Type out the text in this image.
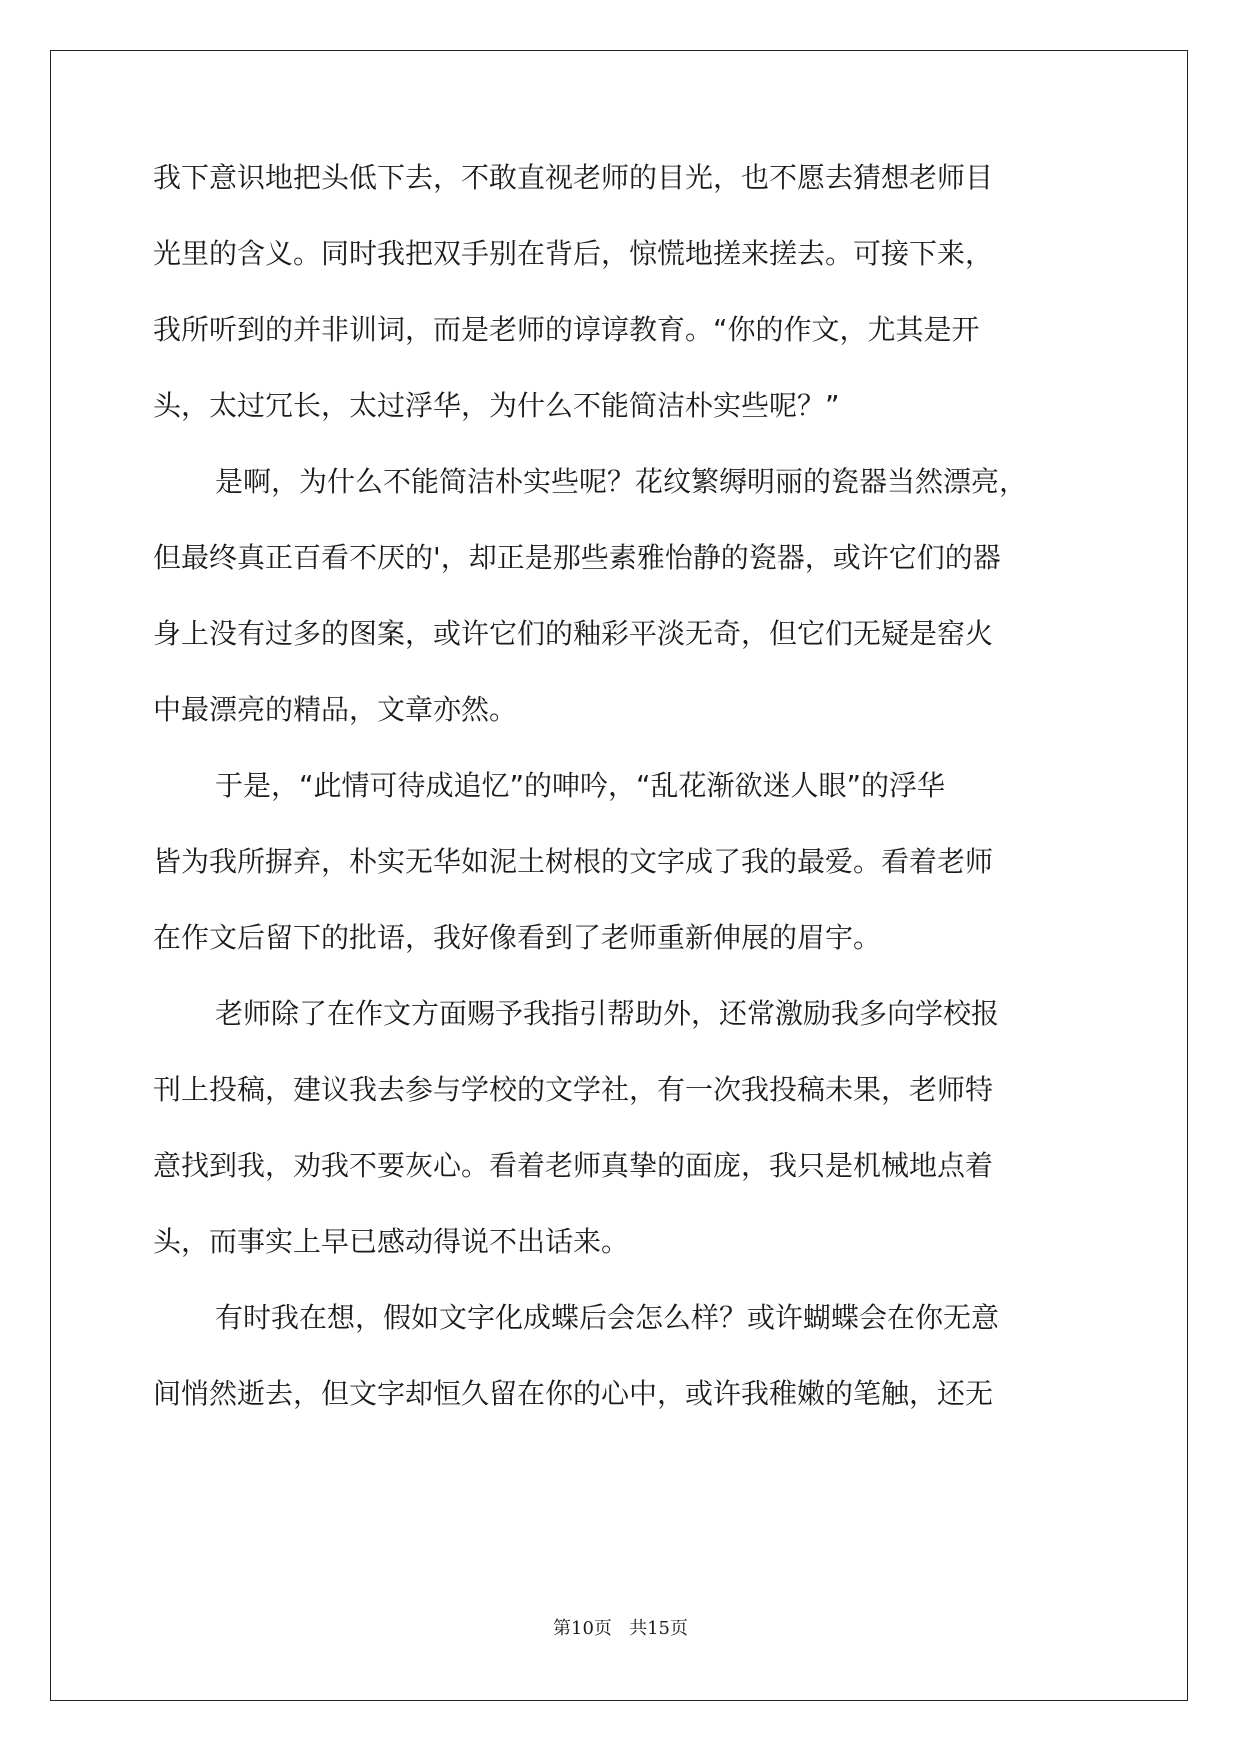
我下意识地把头低下去，不敢直视老师的目光，也不愿去猜想老师目
光里的含义。同时我把双手别在背后，惊慌地搓来搓去。可接下来，
我所听到的并非训词，而是老师的谆谆教育。“你的作文，尤其是开
头，太过冗长，太过浮华，为什么不能简洁朴实些呢？”
是啊，为什么不能简洁朴实些呢？花纹繁缛明丽的瓷器当然漂亮，
但最终真正百看不厌的'，却正是那些素雅怡静的瓷器，或许它们的器
身上没有过多的图案，或许它们的釉彩平淡无奇，但它们无疑是窑火
中最漂亮的精品，文章亦然。
于是，“此情可待成追忆”的呻吟，“乱花渐欲迷人眼”的浮华
皆为我所摒弃，朴实无华如泥土树根的文字成了我的最爱。看着老师
在作文后留下的批语，我好像看到了老师重新伸展的眉宇。
老师除了在作文方面赐予我指引帮助外，还常激励我多向学校报
刊上投稿，建议我去参与学校的文学社，有一次我投稿未果，老师特
意找到我，劝我不要灰心。看着老师真挚的面庞，我只是机械地点着
头，而事实上早已感动得说不出话来。
有时我在想，假如文字化成蝶后会怎么样？或许蝴蝶会在你无意
间悄然逝去，但文字却恒久留在你的心中，或许我稚嫩的笔触，还无
第10页 共15页
